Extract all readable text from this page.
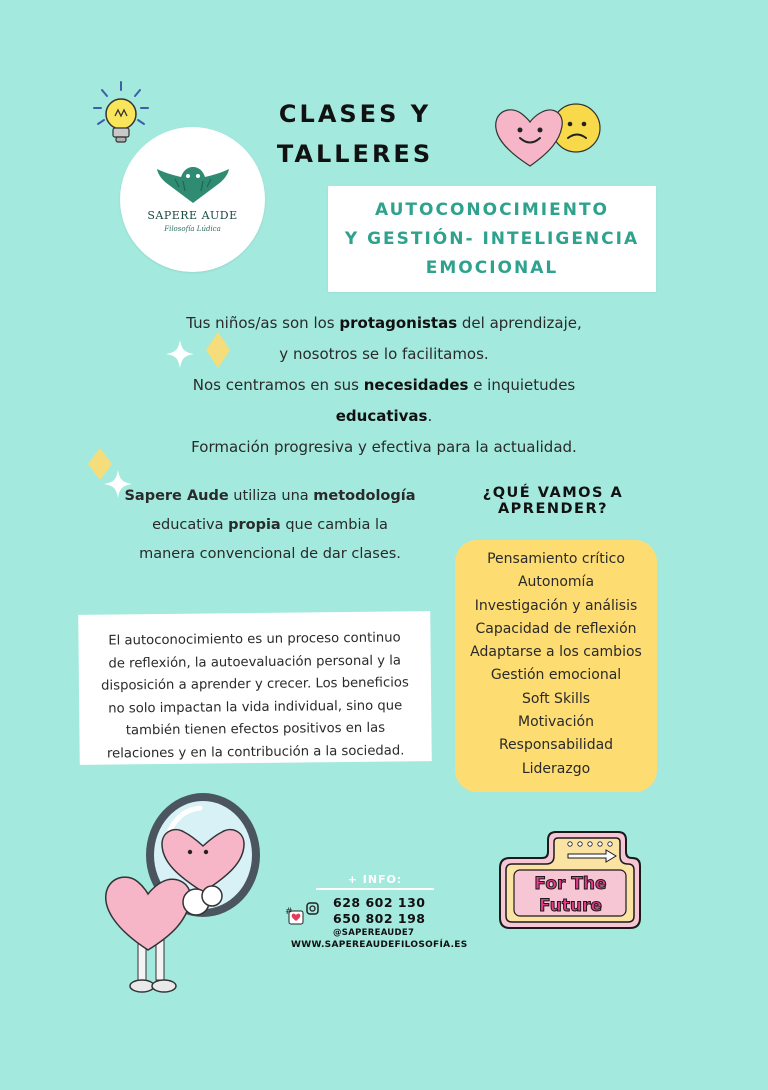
CLASES Y
TALLERES
SAPERE AUDE
Filosofía Lúdica
AUTOCONOCIMIENTO
Y GESTIÓN- INTELIGENCIA
EMOCIONAL

Tus niños/as son los protagonistas del aprendizaje,

y nosotros se lo facilitamos.

Nos centramos en sus necesidades e inquietudes educativas.

Formación progresiva y efectiva para la actualidad.

Sapere Aude utiliza una metodología

educativa propia que cambia la

manera convencional de dar clases.

¿QUÉ VAMOS A APRENDER?
Pensamiento crítico
Autonomía
Investigación y análisis
Capacidad de reflexión
Adaptarse a los cambios
Gestión emocional
Soft Skills
Motivación
Responsabilidad
Liderazgo
El autoconocimiento es un proceso continuo
de reflexión, la autoevaluación personal y la
disposición a aprender y crecer. Los beneficios
no solo impactan la vida individual, sino que
también tienen efectos positivos en las
relaciones y en la contribución a la sociedad.
+ INFO:
#
628 602 130
650 802 198
@SAPEREAUDE7
WWW.SAPEREAUDEFILOSOFÍA.ES
For The
Future
